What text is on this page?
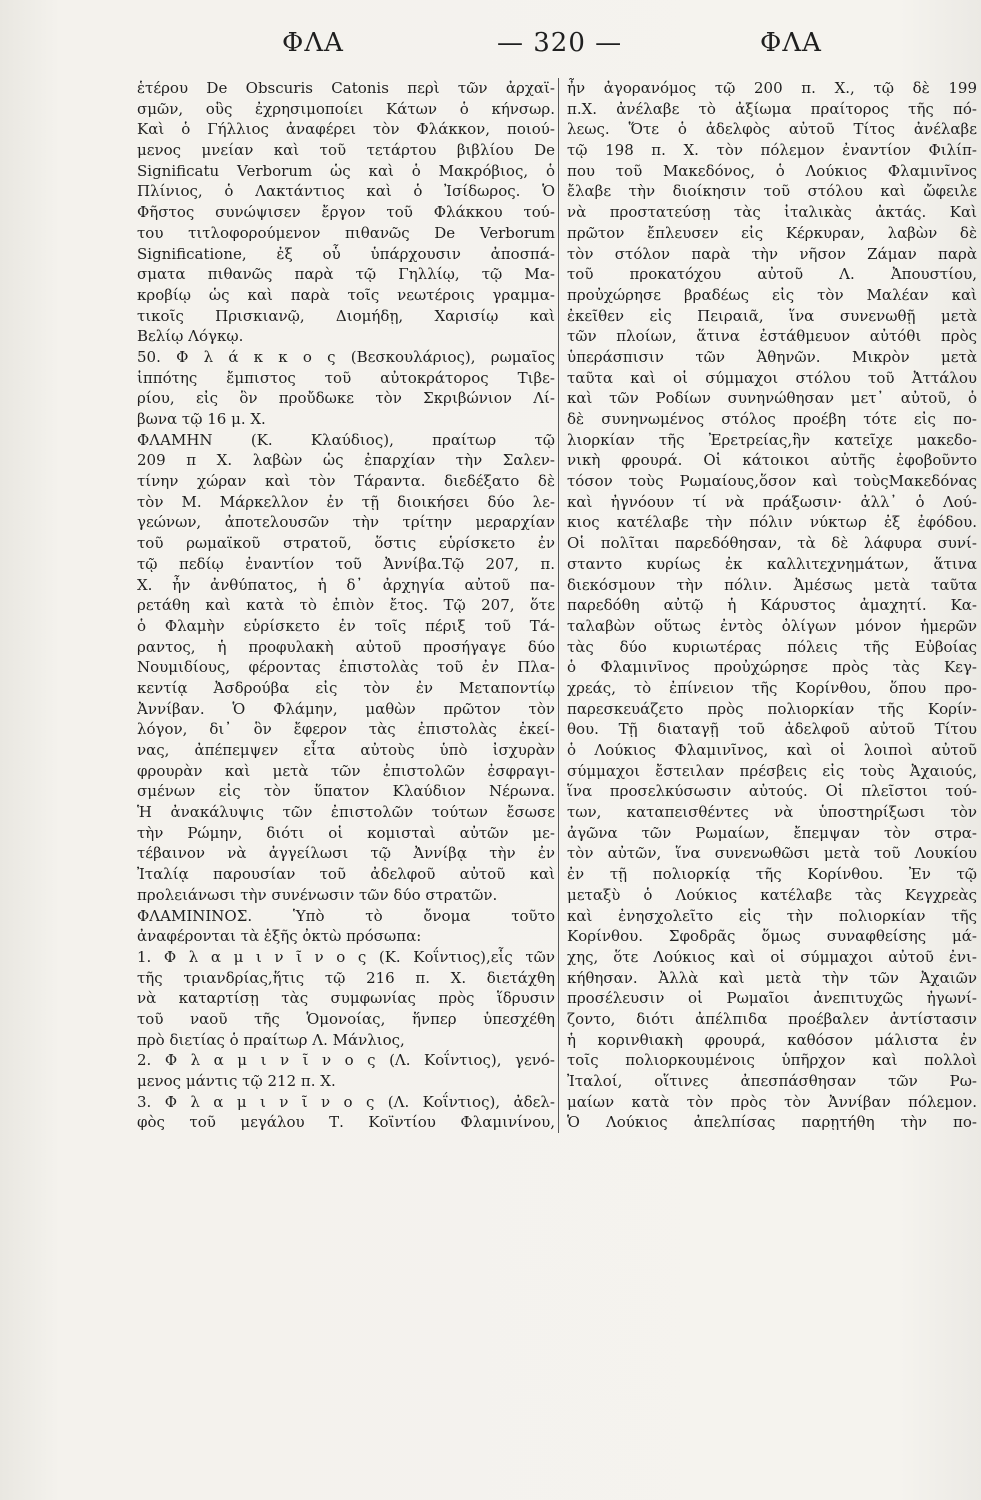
ΦΛΑ	— 320 —	ΦΛΑ
ἑτέρου De Obscuris Catonis περὶ τῶν ἀρχαϊ-
σμῶν, οὓς ἐχρησιμοποίει Κάτων ὁ κήνσωρ.
Καὶ ὁ Γήλλιος ἀναφέρει τὸν Φλάκκον, ποιού-
μενος μνείαν καὶ τοῦ τετάρτου βιβλίου De
Significatu Verborum ὡς καὶ ὁ Μακρόβιος, ὁ
Πλίνιος, ὁ Λακτάντιος καὶ ὁ Ἰσίδωρος. Ὁ
Φῆστος συνώψισεν ἔργον τοῦ Φλάκκου τού-
του τιτλοφορούμενον πιθανῶς De Verborum
Significatione, ἐξ οὗ ὑπάρχουσιν ἀποσπά-
σματα πιθανῶς παρὰ τῷ Γηλλίῳ, τῷ Μα-
κροβίῳ ὡς καὶ παρὰ τοῖς νεωτέροις γραμμα-
τικοῖς Πρισκιανῷ, Διομήδῃ, Χαρισίῳ καὶ
Βελίῳ Λόγκῳ.
50. Φ λ ά κ κ ο ς (Βεσκουλάριος), ρωμαῖος
ἱππότης ἔμπιστος τοῦ αὐτοκράτορος Τιβε-
ρίου, εἰς ὃν προὔδωκε τὸν Σκριβώνιον Λί-
βωνα τῷ 16 μ. Χ.
ΦΛΑΜΗΝ (Κ. Κλαύδιος), πραίτωρ τῷ
209 π Χ. λαβὼν ὡς ἐπαρχίαν τὴν Σαλεν-
τίνην χώραν καὶ τὸν Τάραντα. διεδέξατο δὲ
τὸν Μ. Μάρκελλον ἐν τῇ διοικήσει δύο λε-
γεώνων, ἀποτελουσῶν τὴν τρίτην μεραρχίαν
τοῦ ρωμαϊκοῦ στρατοῦ, ὅστις εὑρίσκετο ἐν
τῷ πεδίῳ ἐναντίον τοῦ Ἀννίβα.Τῷ 207, π.
Χ. ἦν ἀνθύπατος, ἡ δ᾽ ἀρχηγία αὐτοῦ πα-
ρετάθη καὶ κατὰ τὸ ἐπιὸν ἔτος. Τῷ 207, ὅτε
ὁ Φλαμὴν εὑρίσκετο ἐν τοῖς πέριξ τοῦ Τά-
ραντος, ἡ προφυλακὴ αὐτοῦ προσήγαγε δύο
Νουμιδίους, φέροντας ἐπιστολὰς τοῦ ἐν Πλα-
κεντίᾳ Ἀσδρούβα εἰς τὸν ἐν Μεταποντίῳ
Ἀννίβαν. Ὁ Φλάμην, μαθὼν πρῶτον τὸν
λόγον, δι᾽ ὃν ἔφερον τὰς ἐπιστολὰς ἐκεί-
νας, ἀπέπεμψεν εἶτα αὐτοὺς ὑπὸ ἰσχυρὰν
φρουρὰν καὶ μετὰ τῶν ἐπιστολῶν ἐσφραγι-
σμένων εἰς τὸν ὕπατον Κλαύδιον Νέρωνα.
Ἡ ἀνακάλυψις τῶν ἐπιστολῶν τούτων ἔσωσε
τὴν Ρώμην, διότι οἱ κομισταὶ αὐτῶν με-
τέβαινον νὰ ἀγγείλωσι τῷ Ἀννίβᾳ τὴν ἐν
Ἰταλίᾳ παρουσίαν τοῦ ἀδελφοῦ αὐτοῦ καὶ
προλειάνωσι τὴν συνένωσιν τῶν δύο στρατῶν.
ΦΛΑΜΙΝΙΝΟΣ. Ὑπὸ τὸ ὄνομα τοῦτο
ἀναφέρονται τὰ ἑξῆς ὀκτὼ πρόσωπα:
1. Φ λ α μ ι ν ῖ ν ο ς (Κ. Κοΐντιος),εἷς τῶν
τῆς τριανδρίας,ἥτις τῷ 216 π. Χ. διετάχθη
νὰ καταρτίσῃ τὰς συμφωνίας πρὸς ἵδρυσιν
τοῦ ναοῦ τῆς Ὁμονοίας, ἥνπερ ὑπεσχέθη
πρὸ διετίας ὁ πραίτωρ Λ. Μάνλιος,
2. Φ λ α μ ι ν ῖ ν ο ς (Λ. Κοΐντιος), γενό-
μενος μάντις τῷ 212 π. Χ.
3. Φ λ α μ ι ν ῖ ν ο ς (Λ. Κοΐντιος), ἀδελ-
φὸς τοῦ μεγάλου Τ. Κοϊντίου Φλαμινίνου,
ἦν ἀγορανόμος τῷ 200 π. Χ., τῷ δὲ 199
π.Χ. ἀνέλαβε τὸ ἀξίωμα πραίτορος τῆς πό-
λεως. Ὅτε ὁ ἀδελφὸς αὐτοῦ Τίτος ἀνέλαβε
τῷ 198 π. Χ. τὸν πόλεμον ἐναντίον Φιλίπ-
που τοῦ Μακεδόνος, ὁ Λούκιος Φλαμινῖνος
ἔλαβε τὴν διοίκησιν τοῦ στόλου καὶ ὤφειλε
νὰ προστατεύσῃ τὰς ἰταλικὰς ἀκτάς. Καὶ
πρῶτον ἔπλευσεν εἰς Κέρκυραν, λαβὼν δὲ
τὸν στόλον παρὰ τὴν νῆσον Ζάμαν παρὰ
τοῦ προκατόχου αὐτοῦ Λ. Ἀπουστίου,
προὐχώρησε βραδέως εἰς τὸν Μαλέαν καὶ
ἐκεῖθεν εἰς Πειραιᾶ, ἵνα συνενωθῇ μετὰ
τῶν πλοίων, ἅτινα ἐστάθμευον αὐτόθι πρὸς
ὑπεράσπισιν τῶν Ἀθηνῶν. Μικρὸν μετὰ
ταῦτα καὶ οἱ σύμμαχοι στόλου τοῦ Ἀττάλου
καὶ τῶν Ροδίων συνηνώθησαν μετ᾽ αὐτοῦ, ὁ
δὲ συνηνωμένος στόλος προέβη τότε εἰς πο-
λιορκίαν τῆς Ἐρετρείας,ἣν κατεῖχε μακεδο-
νικὴ φρουρά. Οἱ κάτοικοι αὐτῆς ἐφοβοῦντο
τόσον τοὺς Ρωμαίους,ὅσον καὶ τοὺςΜακεδόνας
καὶ ἠγνόουν τί νὰ πράξωσιν· ἀλλ᾽ ὁ Λού-
κιος κατέλαβε τὴν πόλιν νύκτωρ ἐξ ἐφόδου.
Οἱ πολῖται παρεδόθησαν, τὰ δὲ λάφυρα συνί-
σταντο κυρίως ἐκ καλλιτεχνημάτων, ἅτινα
διεκόσμουν τὴν πόλιν. Ἀμέσως μετὰ ταῦτα
παρεδόθη αὐτῷ ἡ Κάρυστος ἀμαχητί. Κα-
ταλαβὼν οὕτως ἐντὸς ὀλίγων μόνον ἡμερῶν
τὰς δύο κυριωτέρας πόλεις τῆς Εὐβοίας
ὁ Φλαμινῖνος προὐχώρησε πρὸς τὰς Κεγ-
χρεάς, τὸ ἐπίνειον τῆς Κορίνθου, ὅπου προ-
παρεσκευάζετο πρὸς πολιορκίαν τῆς Κορίν-
θου. Τῇ διαταγῇ τοῦ ἀδελφοῦ αὐτοῦ Τίτου
ὁ Λούκιος Φλαμινῖνος, καὶ οἱ λοιποὶ αὐτοῦ
σύμμαχοι ἔστειλαν πρέσβεις εἰς τοὺς Ἀχαιούς,
ἵνα προσελκύσωσιν αὐτούς. Οἱ πλεῖστοι τού-
των, καταπεισθέντες νὰ ὑποστηρίξωσι τὸν
ἀγῶνα τῶν Ρωμαίων, ἔπεμψαν τὸν στρα-
τὸν αὐτῶν, ἵνα συνενωθῶσι μετὰ τοῦ Λουκίου
ἐν τῇ πολιορκίᾳ τῆς Κορίνθου. Ἐν τῷ
μεταξὺ ὁ Λούκιος κατέλαβε τὰς Κεγχρεὰς
καὶ ἐνησχολεῖτο εἰς τὴν πολιορκίαν τῆς
Κορίνθου. Σφοδρᾶς ὅμως συναφθείσης μά-
χης, ὅτε Λούκιος καὶ οἱ σύμμαχοι αὐτοῦ ἐνι-
κήθησαν. Ἀλλὰ καὶ μετὰ τὴν τῶν Ἀχαιῶν
προσέλευσιν οἱ Ρωμαῖοι ἀνεπιτυχῶς ἠγωνί-
ζοντο, διότι ἀπέλπιδα προέβαλεν ἀντίστασιν
ἡ κορινθιακὴ φρουρά, καθόσον μάλιστα ἐν
τοῖς πολιορκουμένοις ὑπῆρχον καὶ πολλοὶ
Ἰταλοί, οἵτινες ἀπεσπάσθησαν τῶν Ρω-
μαίων κατὰ τὸν πρὸς τὸν Ἀννίβαν πόλεμον.
Ὁ Λούκιος ἀπελπίσας παρῃτήθη τὴν πο-
